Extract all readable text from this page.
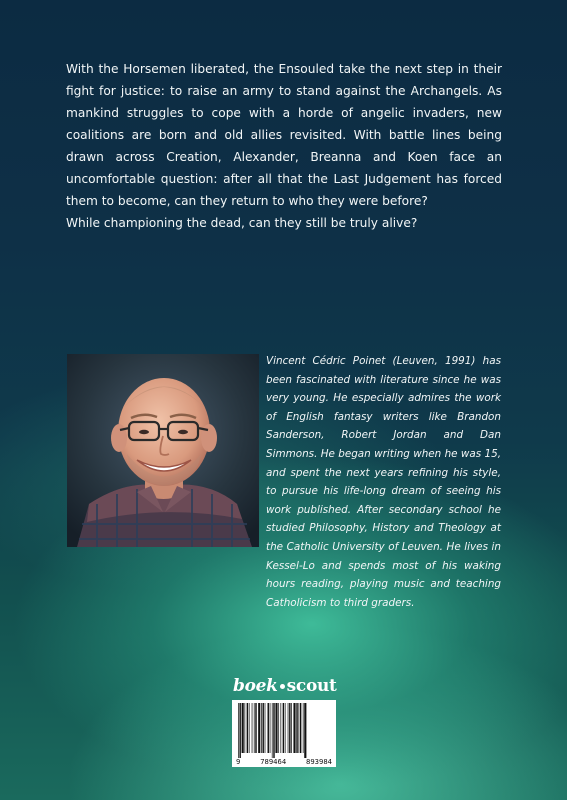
With the Horsemen liberated, the Ensouled take the next step in their fight for justice: to raise an army to stand against the Archangels. As mankind struggles to cope with a horde of angelic invaders, new coalitions are born and old allies revisited. With battle lines being drawn across Creation, Alexander, Breanna and Koen face an uncomfortable question: after all that the Last Judgement has forced them to become, can they return to who they were before?

While championing the dead, can they still be truly alive?

Vincent Cédric Poinet (Leuven, 1991) has been fascinated with literature since he was very young. He especially admires the work of English fantasy writers like Brandon Sanderson, Robert Jordan and Dan Simmons. He began writing when he was 15, and spent the next years refining his style, to pursue his life-long dream of seeing his work published. After secondary school he studied Philosophy, History and Theology at the Catholic University of Leuven. He lives in Kessel-Lo and spends most of his waking hours reading, playing music and teaching Catholicism to third graders.

boek scout
9	789464	893984
